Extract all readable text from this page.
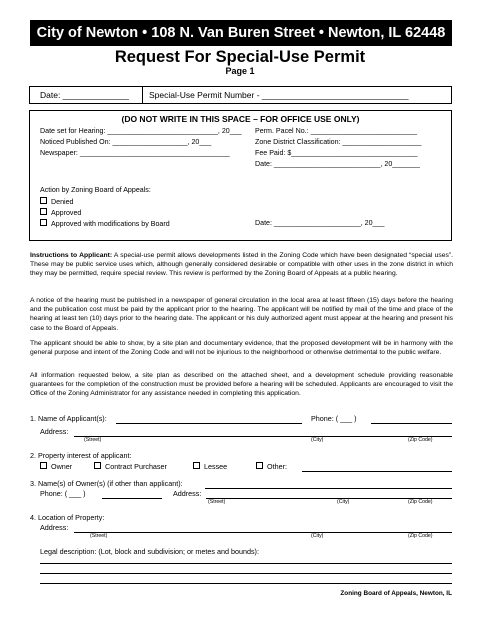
City of Newton • 108 N. Van Buren Street • Newton, IL 62448
Request For Special-Use Permit
Page 1
Date: ______________ Special-Use Permit Number - _______________________________
(DO NOT WRITE IN THIS SPACE – FOR OFFICE USE ONLY)
Date set for Hearing: ____________________________, 20___
Noticed Published On: ___________________, 20___
Newspaper: ______________________________________
Perm. Pacel No.: ___________________________
Zone District Classification: ____________________
Fee Paid: $________________________________
Date: ___________________________, 20_______
Action by Zoning Board of Appeals:
Denied
Approved
Approved with modifications by Board	Date: ______________________, 20___
Instructions to Applicant: A special-use permit allows developments listed in the Zoning Code which have been designated “special uses”. These may be public service uses which, although generally considered desirable or compatible with other uses in the zone district in which they may be permitted, require special review. This review is performed by the Zoning Board of Appeals at a public hearing.
A notice of the hearing must be published in a newspaper of general circulation in the local area at least fifteen (15) days before the hearing and the publication cost must be paid by the applicant prior to the hearing. The applicant will be notified by mail of the time and place of the hearing at least ten (10) days prior to the hearing date. The applicant or his duly authorized agent must appear at the hearing and present his case to the Board of Appeals.
The applicant should be able to show, by a site plan and documentary evidence, that the proposed development will be in harmony with the general purpose and intent of the Zoning Code and will not be injurious to the neighborhood or otherwise detrimental to the public welfare.
All information requested below, a site plan as described on the attached sheet, and a development schedule providing reasonable guarantees for the completion of the construction must be provided before a hearing will be scheduled. Applicants are encouraged to visit the Office of the Zoning Administrator for any assistance needed in completing this application.
1. Name of Applicant(s):	Phone: ( ___ )
Address:
(Street)	(City)	(Zip Code)
2. Property interest of applicant:
Owner	Contract Purchaser	Lessee	Other:
3. Name(s) of Owner(s) (if other than applicant):
Phone: ( ___ )	Address:
(Street)	(City)	(Zip Code)
4. Location of Property:
Address:
(Street)	(City)	(Zip Code)
Legal description: (Lot, block and subdivision; or metes and bounds):
Zoning Board of Appeals, Newton, IL
